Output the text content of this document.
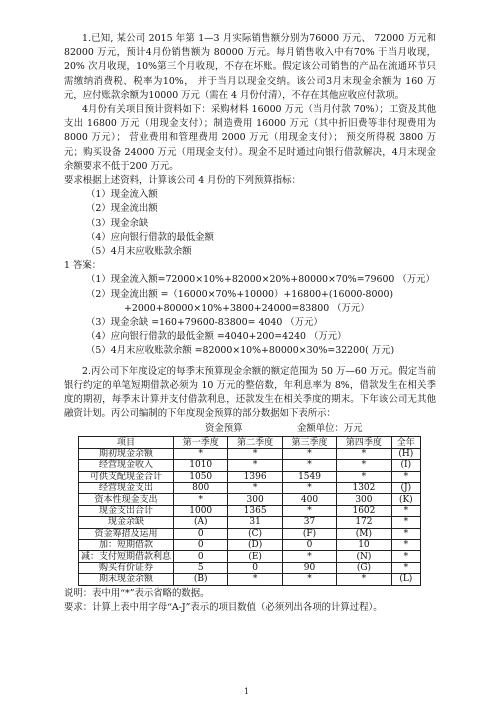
1.已知, 某公司 2015 年第 1—3 月实际销售额分别为76000 万元、 72000 万元和 82000 万元，预计4月份销售额为 80000 万元。每月销售收入中有70% 于当月收现，20% 次月收现，10%第三个月收现，不存在坏账。假定该公司销售的产品在流通环节只需缴纳消费税、税率为10%， 并于当月以现金交纳。该公司3月末现金余额为 160 万元，应付账款余额为10000 万元（需在 4 月份付清），不存在其他应收应付款项。

4月份有关项目预计资料如下：采购材料 16000 万元（当月付款 70%）；工资及其他支出 16800 万元（用现金支付）；制造费用 16000 万元（其中折旧费等非付现费用为 8000 万元）； 营业费用和管理费用 2000 万元（用现金支付）； 预交所得税 3800 万元；购买设备 24000 万元（用现金支付）。现金不足时通过向银行借款解决，4月末现金余额要求不低于200 万元。

要求根据上述资料，计算该公司 4 月份的下列预算指标：

（1）现金流入额

（2）现金流出额

（3）现金余缺

（4）应向银行借款的最低金额

（5）4月末应收账款余额

1 答案：

（1）现金流入额=72000×10%+82000×20%+80000×70%=79600 （万元）

（2）现金流出额 =（16000×70%+10000）+16800+(16000-8000)

+2000+80000×10%+3800+24000=83800 （万元）

（3）现金余缺 =160+79600-83800= 4040 （万元）

（4）应向银行借款的最低金额 =4040+200=4240 （万元）

（5）4月末应收账款余额 =82000×10%+80000×30%=32200( 万元)

2.丙公司下年度设定的每季末预算现金余额的额定范围为 50 万—60 万元。假定当前银行约定的单笔短期借款必须为 10 万元的整倍数，年利息率为 8%，借款发生在相关季度的期初，每季末计算并支付借款利息，还款发生在相关季度的期末。下年该公司无其他融资计划。丙公司编制的下年度现金预算的部分数据如下表所示：

资金预算	金额单位：万元
项目	第一季度	第二季度	第三季度	第四季度	全年
期初现金余额	*	*	*	*	(H)
经营现金收入	1010	*	*	*	(I)
可供支配现金合计	1050	1396	1549	*	*
经营现金支出	800	*	*	1302	(J)
资本性现金支出	*	300	400	300	(K)
现金支出合计	1000	1365	*	1602	*
现金余缺	(A)	31	37	172	*
资金筹措及运用	0	(C)	(F)	(M)	*
加：短期借款	0	(D)	0	10	*
减：支付短期借款利息	0	(E)	*	(N)	*
购买有价证券	5	0	90	(G)	*
期末现金余额	(B)	*	*	*	(L)

说明：表中用“*”表示省略的数据。

要求：计算上表中用字母“A-J”表示的项目数值（必须列出各项的计算过程）。

1
